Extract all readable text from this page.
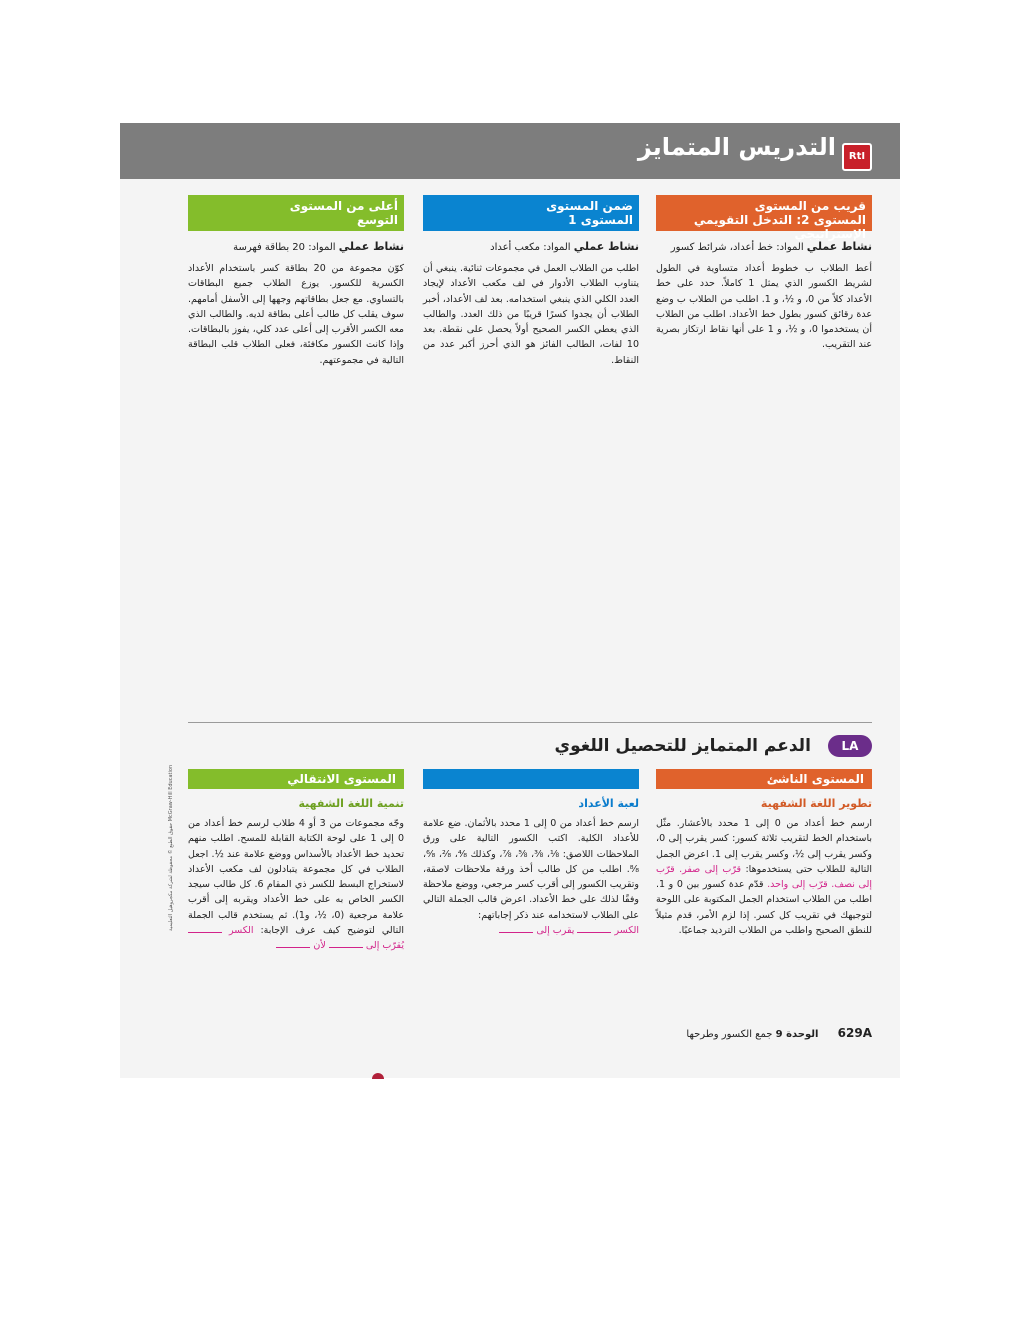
RtI
التدريس المتمايز
قريب من المستوى
المستوى 2: التدخل التقويمي الإستراتيجي
نشاط عملي المواد: خط أعداد، شرائط كسور
أعط الطلاب ب خطوط أعداد متساوية في الطول لشريط الكسور الذي يمثل 1 كاملاً. حدد على خط الأعداد كلاً من 0، و ½، و 1. اطلب من الطلاب ب وضع عدة رقائق كسور بطول خط الأعداد. اطلب من الطلاب أن يستخدموا 0، و ½، و 1 على أنها نقاط ارتكاز بصرية عند التقريب.
ضمن المستوى
المستوى 1
نشاط عملي المواد: مكعب أعداد
اطلب من الطلاب العمل في مجموعات ثنائية. ينبغي أن يتناوب الطلاب الأدوار في لف مكعب الأعداد لإيجاد العدد الكلي الذي ينبغي استخدامه. بعد لف الأعداد، أخبر الطلاب أن يجدوا كسرًا قريبًا من ذلك العدد. والطالب الذي يعطي الكسر الصحيح أولاً يحصل على نقطة. بعد 10 لفات، الطالب الفائز هو الذي أحرز أكبر عدد من النقاط.
أعلى من المستوى
التوسع
نشاط عملي المواد: 20 بطاقة فهرسة
كوّن مجموعة من 20 بطاقة كسر باستخدام الأعداد الكسرية للكسور. يوزع الطلاب جميع البطاقات بالتساوي. مع جعل بطاقاتهم وجهها إلى الأسفل أمامهم. سوف يقلب كل طالب أعلى بطاقة لديه. والطالب الذي معه الكسر الأقرب إلى أعلى عدد كلي، يفوز بالبطاقات. وإذا كانت الكسور مكافئة، فعلى الطلاب قلب البطاقة التالية في مجموعتهم.
LA الدعم المتمايز للتحصيل اللغوي
المستوى الناشئ
تطوير اللغة الشفهية
ارسم خط أعداد من 0 إلى 1 محدد بالأعشار. مثّل باستخدام الخط لتقريب ثلاثة كسور: كسر يقرب إلى 0، وكسر يقرب إلى ½، وكسر يقرب إلى 1. اعرض الجمل التالية للطلاب حتى يستخدموها: قرّب إلى صفر. قرّب إلى نصف. قرّب إلى واحد. قدّم عدة كسور بين 0 و 1. اطلب من الطلاب استخدام الجمل المكتوبة على اللوحة لتوجيهك في تقريب كل كسر. إذا لزم الأمر، قدم مثيلاً للنطق الصحيح واطلب من الطلاب الترديد جماعيًا.
لعبة الأعداد
ارسم خط أعداد من 0 إلى 1 محدد بالأثمان. ضع علامة للأعداد الكلية. اكتب الكسور التالية على ورق الملاحظات اللاصق: ⅛، ⅜، ⅝، ⅞، وكذلك ⁴⁄₈، ²⁄₈، ⁶⁄₈، ⁸⁄₈. اطلب من كل طالب أخذ ورقة ملاحظات لاصقة، وتقريب الكسور إلى أقرب كسر مرجعي، ووضع ملاحظة وفقًا لذلك على خط الأعداد. اعرض قالب الجملة التالي على الطلاب لاستخدامه عند ذكر إجاباتهم:
الكسر  يقرب إلى
المستوى الانتقالي
تنمية اللغة الشفهية
وجّه مجموعات من 3 أو 4 طلاب لرسم خط أعداد من 0 إلى 1 على لوحة الكتابة القابلة للمسح. اطلب منهم تحديد خط الأعداد بالأسداس ووضع علامة عند ½. اجعل الطلاب في كل مجموعة يتبادلون لف مكعب الأعداد لاستخراج البسط للكسر ذي المقام 6. كل طالب سيجد الكسر الخاص به على خط الأعداد ويقربه إلى أقرب علامة مرجعية (0، ½، و1). ثم يستخدم قالب الجملة التالي لتوضيح كيف عرف الإجابة: الكسر  يُقرّب إلى  لأن
حقوق الطبع © محفوظة لشركة مكجروهيل التعليمية McGraw-Hill Education
629A الوحدة 9 جمع الكسور وطرحها
